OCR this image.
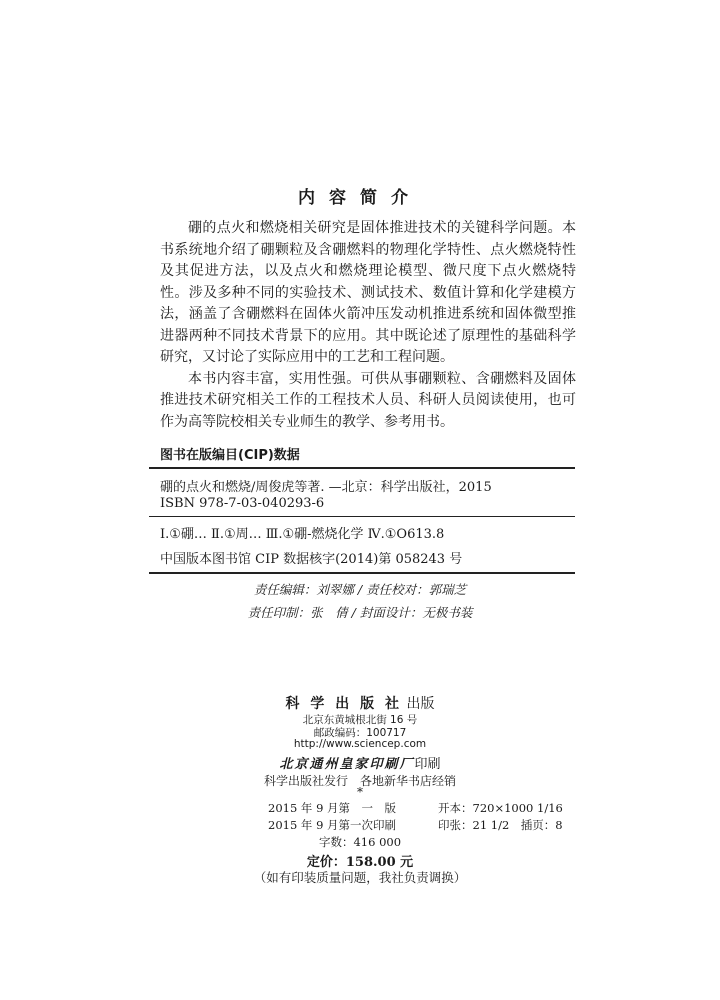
内容简介

硼的点火和燃烧相关研究是固体推进技术的关键科学问题。本书系统地介绍了硼颗粒及含硼燃料的物理化学特性、点火燃烧特性及其促进方法，以及点火和燃烧理论模型、微尺度下点火燃烧特性。涉及多种不同的实验技术、测试技术、数值计算和化学建模方法，涵盖了含硼燃料在固体火箭冲压发动机推进系统和固体微型推进器两种不同技术背景下的应用。其中既论述了原理性的基础科学研究，又讨论了实际应用中的工艺和工程问题。

本书内容丰富，实用性强。可供从事硼颗粒、含硼燃料及固体推进技术研究相关工作的工程技术人员、科研人员阅读使用，也可作为高等院校相关专业师生的教学、参考用书。

图书在版编目(CIP)数据
硼的点火和燃烧/周俊虎等著. —北京：科学出版社，2015
ISBN 978-7-03-040293-6
Ⅰ.①硼… Ⅱ.①周… Ⅲ.①硼-燃烧化学 Ⅳ.①O613.8
中国版本图书馆 CIP 数据核字(2014)第 058243 号
责任编辑：刘翠娜 / 责任校对：郭瑞芝
责任印制：张　倩 / 封面设计：无极书装
科 学 出 版 社 出版
北京东黄城根北街 16 号
邮政编码：100717
http://www.sciencep.com
北京通州皇家印刷厂印刷
科学出版社发行　各地新华书店经销
*
2015 年 9 月第　一　版	开本：720×1000 1/16
2015 年 9 月第一次印刷	印张：21 1/2　插页：8
字数：416 000
定价：158.00 元
（如有印装质量问题，我社负责调换）
